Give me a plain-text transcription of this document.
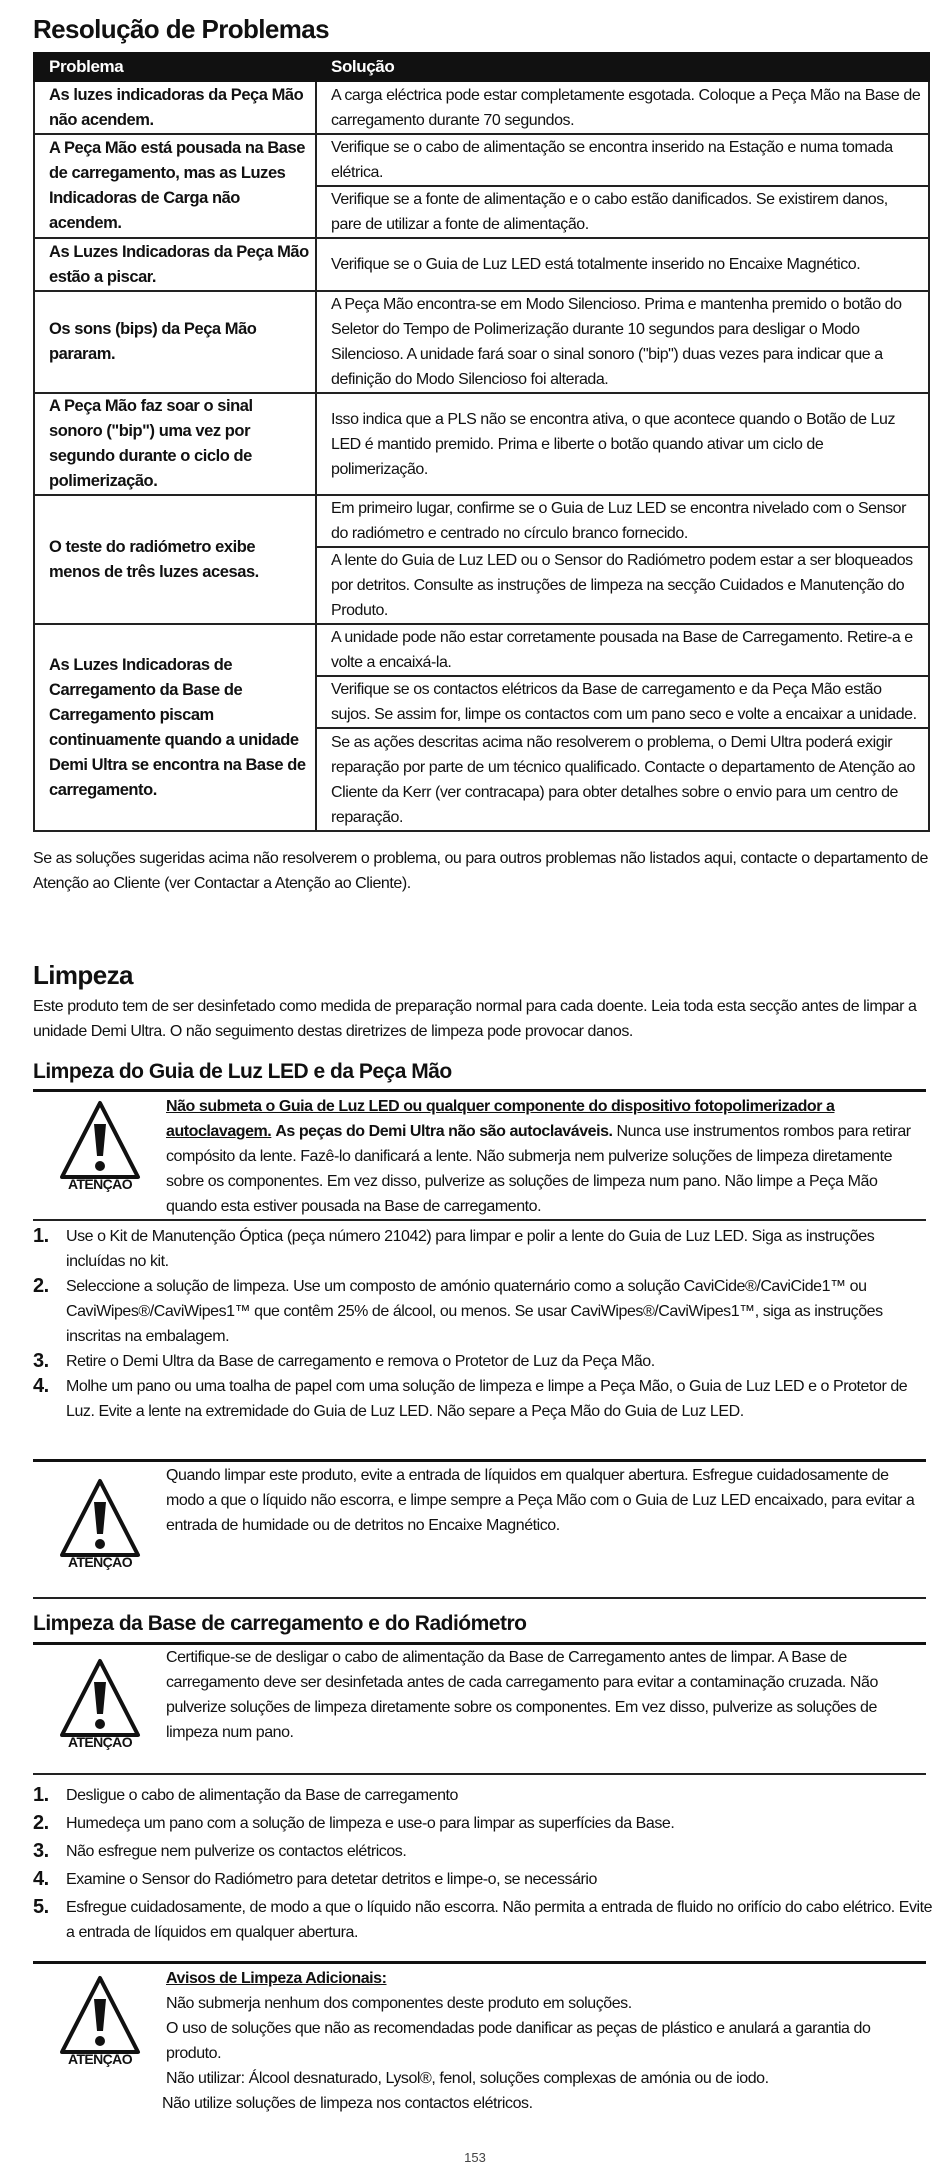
Resolução de Problemas
Problema	Solução
As luzes indicadoras da Peça Mão não acendem.	A carga eléctrica pode estar completamente esgotada. Coloque a Peça Mão na Base de carregamento durante 70 segundos.
A Peça Mão está pousada na Base de carregamento, mas as Luzes Indicadoras de Carga não acendem.	Verifique se o cabo de alimentação se encontra inserido na Estação e numa tomada elétrica.
	Verifique se a fonte de alimentação e o cabo estão danificados. Se existirem danos, pare de utilizar a fonte de alimentação.
As Luzes Indicadoras da Peça Mão estão a piscar.	Verifique se o Guia de Luz LED está totalmente inserido no Encaixe Magnético.
Os sons (bips) da Peça Mão pararam.	A Peça Mão encontra-se em Modo Silencioso. Prima e mantenha premido o botão do Seletor do Tempo de Polimerização durante 10 segundos para desligar o Modo Silencioso. A unidade fará soar o sinal sonoro ("bip") duas vezes para indicar que a definição do Modo Silencioso foi alterada.
A Peça Mão faz soar o sinal sonoro ("bip") uma vez por segundo durante o ciclo de polimerização.	Isso indica que a PLS não se encontra ativa, o que acontece quando o Botão de Luz LED é mantido premido. Prima e liberte o botão quando ativar um ciclo de polimerização.
O teste do radiómetro exibe menos de três luzes acesas.	Em primeiro lugar, confirme se o Guia de Luz LED se encontra nivelado com o Sensor do radiómetro e centrado no círculo branco fornecido.
	A lente do Guia de Luz LED ou o Sensor do Radiómetro podem estar a ser bloqueados por detritos. Consulte as instruções de limpeza na secção Cuidados e Manutenção do Produto.
As Luzes Indicadoras de Carregamento da Base de Carregamento piscam continuamente quando a unidade Demi Ultra se encontra na Base de carregamento.	A unidade pode não estar corretamente pousada na Base de Carregamento. Retire-a e volte a encaixá-la.
	Verifique se os contactos elétricos da Base de carregamento e da Peça Mão estão sujos. Se assim for, limpe os contactos com um pano seco e volte a encaixar a unidade.
	Se as ações descritas acima não resolverem o problema, o Demi Ultra poderá exigir reparação por parte de um técnico qualificado. Contacte o departamento de Atenção ao Cliente da Kerr (ver contracapa) para obter detalhes sobre o envio para um centro de reparação.
Se as soluções sugeridas acima não resolverem o problema, ou para outros problemas não listados aqui, contacte o departamento de Atenção ao Cliente (ver Contactar a Atenção ao Cliente).
Limpeza
Este produto tem de ser desinfetado como medida de preparação normal para cada doente. Leia toda esta secção antes de limpar a unidade Demi Ultra. O não seguimento destas diretrizes de limpeza pode provocar danos.
Limpeza do Guia de Luz LED e da Peça Mão
ATENÇÃO
Não submeta o Guia de Luz LED ou qualquer componente do dispositivo fotopolimerizador a autoclavagem. As peças do Demi Ultra não são autoclaváveis. Nunca use instrumentos rombos para retirar compósito da lente. Fazê-lo danificará a lente. Não submerja nem pulverize soluções de limpeza diretamente sobre os componentes. Em vez disso, pulverize as soluções de limpeza num pano. Não limpe a Peça Mão quando esta estiver pousada na Base de carregamento.
1. Use o Kit de Manutenção Óptica (peça número 21042) para limpar e polir a lente do Guia de Luz LED. Siga as instruções incluídas no kit.
2. Seleccione a solução de limpeza. Use um composto de amónio quaternário como a solução CaviCide®/CaviCide1™ ou CaviWipes®/CaviWipes1™ que contêm 25% de álcool, ou menos. Se usar CaviWipes®/CaviWipes1™, siga as instruções inscritas na embalagem.
3. Retire o Demi Ultra da Base de carregamento e remova o Protetor de Luz da Peça Mão.
4. Molhe um pano ou uma toalha de papel com uma solução de limpeza e limpe a Peça Mão, o Guia de Luz LED e o Protetor de Luz. Evite a lente na extremidade do Guia de Luz LED. Não separe a Peça Mão do Guia de Luz LED.
ATENÇÃO
Quando limpar este produto, evite a entrada de líquidos em qualquer abertura. Esfregue cuidadosamente de modo a que o líquido não escorra, e limpe sempre a Peça Mão com o Guia de Luz LED encaixado, para evitar a entrada de humidade ou de detritos no Encaixe Magnético.
Limpeza da Base de carregamento e do Radiómetro
ATENÇÃO
Certifique-se de desligar o cabo de alimentação da Base de Carregamento antes de limpar. A Base de carregamento deve ser desinfetada antes de cada carregamento para evitar a contaminação cruzada. Não pulverize soluções de limpeza diretamente sobre os componentes. Em vez disso, pulverize as soluções de limpeza num pano.
1. Desligue o cabo de alimentação da Base de carregamento
2. Humedeça um pano com a solução de limpeza e use-o para limpar as superfícies da Base.
3. Não esfregue nem pulverize os contactos elétricos.
4. Examine o Sensor do Radiómetro para detetar detritos e limpe-o, se necessário
5. Esfregue cuidadosamente, de modo a que o líquido não escorra. Não permita a entrada de fluido no orifício do cabo elétrico. Evite a entrada de líquidos em qualquer abertura.
ATENÇÃO
Avisos de Limpeza Adicionais:
Não submerja nenhum dos componentes deste produto em soluções.
O uso de soluções que não as recomendadas pode danificar as peças de plástico e anulará a garantia do produto.
Não utilizar: Álcool desnaturado, Lysol®, fenol, soluções complexas de amónia ou de iodo.
Não utilize soluções de limpeza nos contactos elétricos.
153
